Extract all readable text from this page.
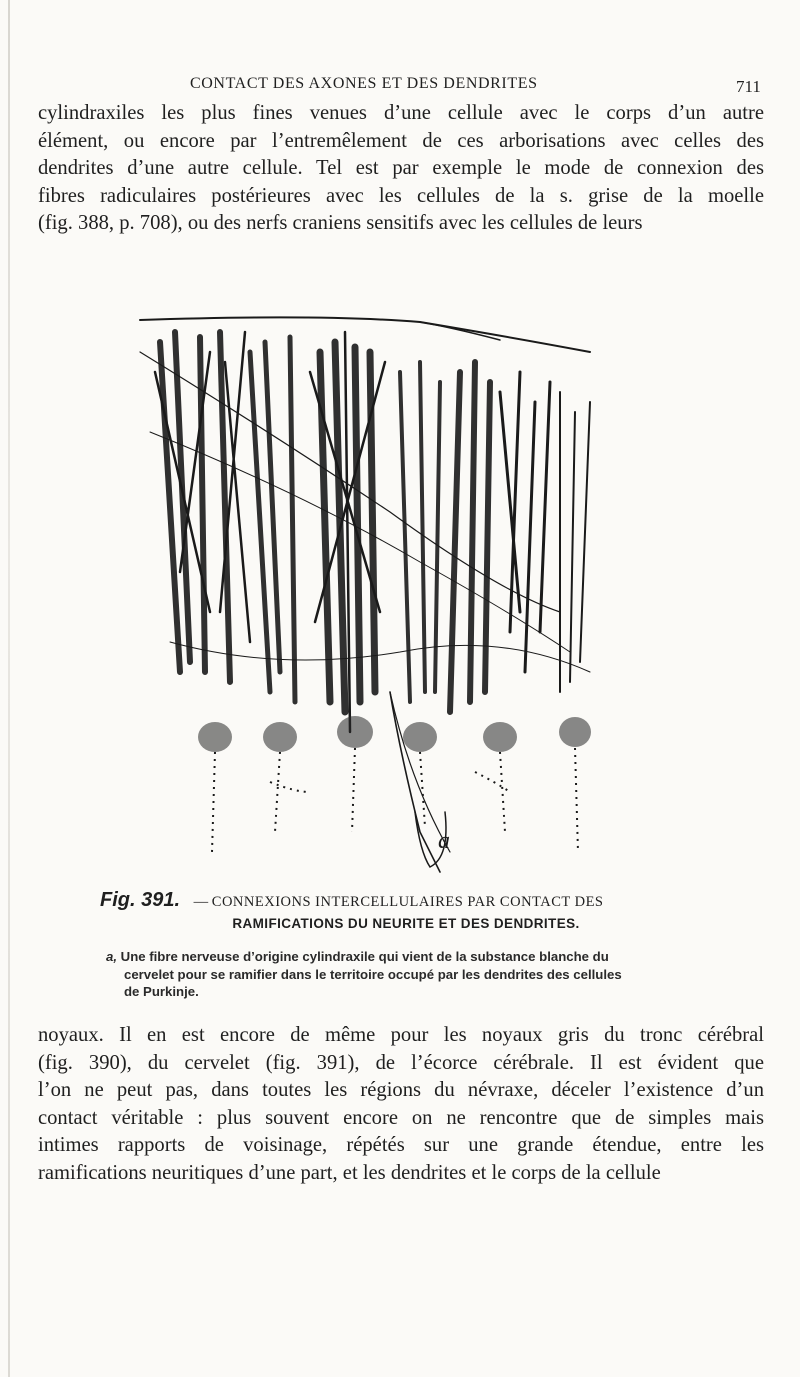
CONTACT DES AXONES ET DES DENDRITES	711

cylindraxiles les plus fines venues d’une cellule avec le corps d’un autre
élément, ou encore par l’entremêlement de ces arborisations avec celles des
dendrites d’une autre cellule. Tel est par exemple le mode de connexion des
fibres radiculaires postérieures avec les cellules de la s. grise de la moelle
(fig. 388, p. 708), ou des nerfs craniens sensitifs avec les cellules de leurs

a
Fig. 391. — CONNEXIONS INTERCELLULAIRES PAR CONTACT DES
RAMIFICATIONS DU NEURITE ET DES DENDRITES.
a, Une fibre nerveuse d’origine cylindraxile qui vient de la substance blanche du
cervelet pour se ramifier dans le territoire occupé par les dendrites des cellules
de Purkinje.

noyaux. Il en est encore de même pour les noyaux gris du tronc cérébral
(fig. 390), du cervelet (fig. 391), de l’écorce cérébrale. Il est évident que
l’on ne peut pas, dans toutes les régions du névraxe, déceler l’existence d’un
contact véritable : plus souvent encore on ne rencontre que de simples mais
intimes rapports de voisinage, répétés sur une grande étendue, entre les
ramifications neuritiques d’une part, et les dendrites et le corps de la cellule
